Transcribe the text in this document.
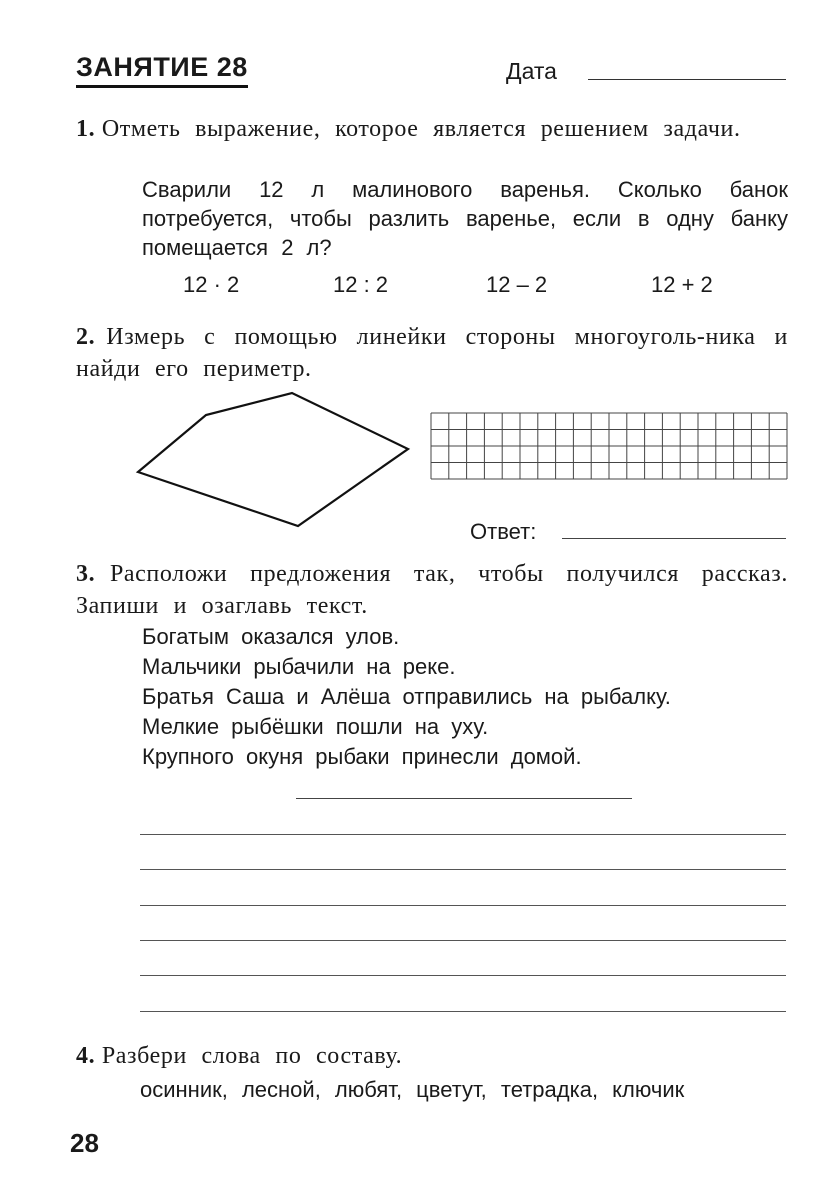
ЗАНЯТИЕ 28	Дата
1. Отметь выражение, которое является решением задачи.
Сварили 12 л малинового варенья. Сколько банок потребуется, чтобы разлить варенье, если в одну банку помещается 2 л?
12 · 2	12 : 2	12 – 2	12 + 2
2. Измерь с помощью линейки стороны многоуголь-ника и найди его периметр.
Ответ:
3. Расположи предложения так, чтобы получился рассказ. Запиши и озаглавь текст.
Богатым оказался улов.
Мальчики рыбачили на реке.
Братья Саша и Алёша отправились на рыбалку.
Мелкие рыбёшки пошли на уху.
Крупного окуня рыбаки принесли домой.
4. Разбери слова по составу.
осинник, лесной, любят, цветут, тетрадка, ключик
28
